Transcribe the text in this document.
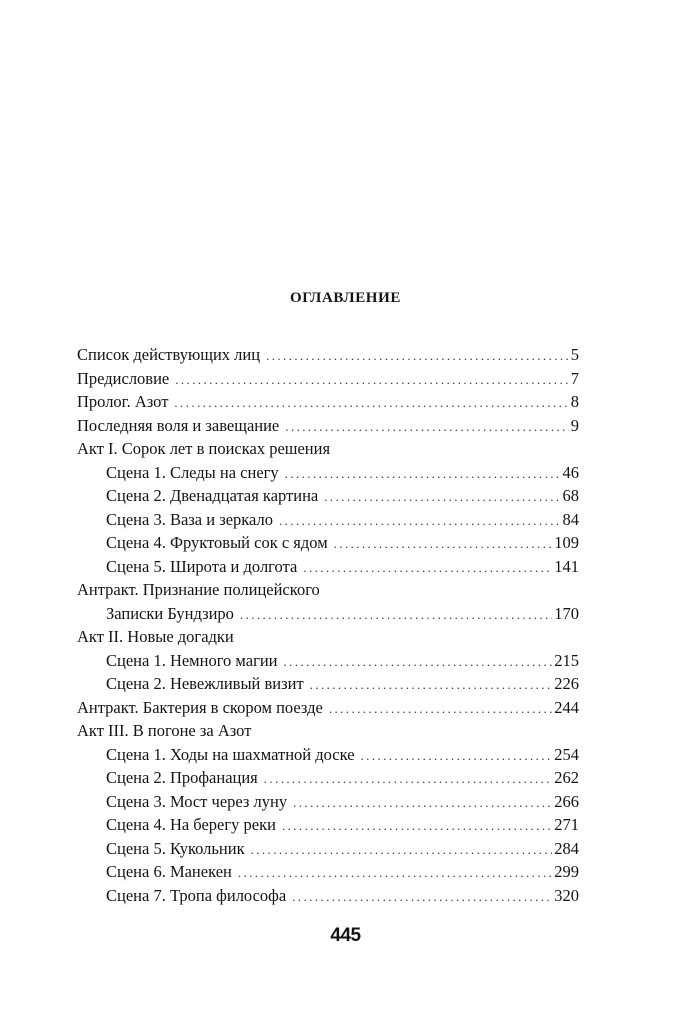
ОГЛАВЛЕНИЕ
Список действующих лиц .....	5
Предисловие .....	7
Пролог. Азот .....	8
Последняя воля и завещание .....	9
Акт I. Сорок лет в поисках решения
Сцена 1. Следы на снегу .....	46
Сцена 2. Двенадцатая картина .....	68
Сцена 3. Ваза и зеркало .....	84
Сцена 4. Фруктовый сок с ядом .....	109
Сцена 5. Широта и долгота .....	141
Антракт. Признание полицейского
Записки Бундзиро .....	170
Акт II. Новые догадки
Сцена 1. Немного магии .....	215
Сцена 2. Невежливый визит .....	226
Антракт. Бактерия в скором поезде .....	244
Акт III. В погоне за Азот
Сцена 1. Ходы на шахматной доске .....	254
Сцена 2. Профанация .....	262
Сцена 3. Мост через луну .....	266
Сцена 4. На берегу реки .....	271
Сцена 5. Кукольник .....	284
Сцена 6. Манекен .....	299
Сцена 7. Тропа философа .....	320
445
